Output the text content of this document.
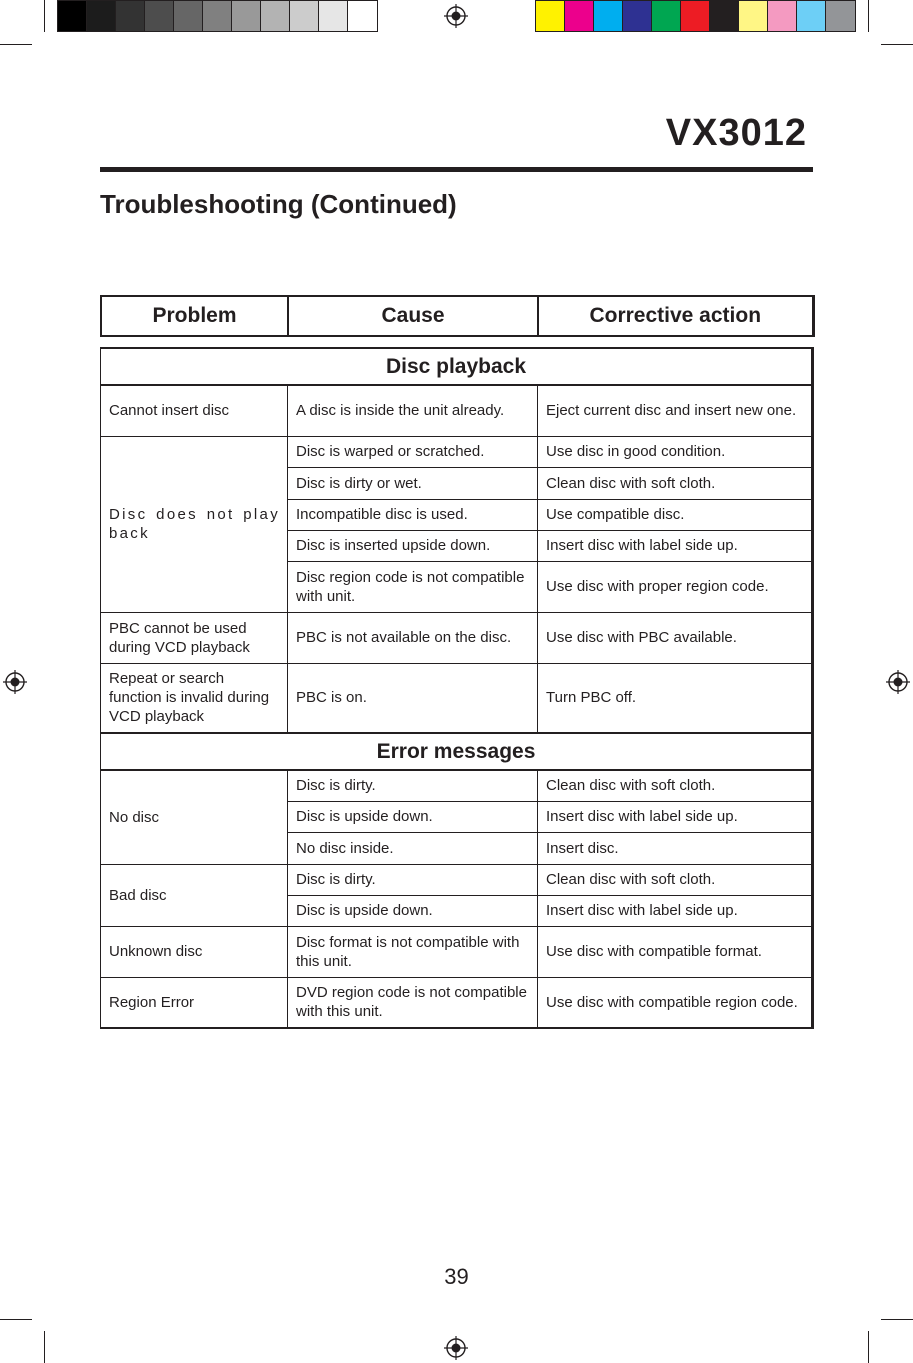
VX3012
Troubleshooting (Continued)
Problem	Cause	Corrective action
Disc playback		
Cannot insert disc	A disc is inside the unit already.	Eject current disc and insert new one.
Disc does not play back	Disc is warped or scratched.	Use disc in good condition.
	Disc is dirty or wet.	Clean disc with soft cloth.
	Incompatible disc is used.	Use compatible disc.
	Disc is inserted upside down.	Insert disc with label side up.
	Disc region code is not compatible with unit.	Use disc with proper region code.
PBC cannot be used during VCD playback	PBC is not available on the disc.	Use disc with PBC available.
Repeat or search function is invalid during VCD playback	PBC is on.	Turn PBC off.
Error messages		
No disc	Disc is dirty.	Clean disc with soft cloth.
	Disc is upside down.	Insert disc with label side up.
	No disc inside.	Insert disc.
Bad disc	Disc is dirty.	Clean disc with soft cloth.
	Disc is upside down.	Insert disc with label side up.
Unknown disc	Disc format is not compatible with this unit.	Use disc with compatible format.
Region Error	DVD region code is not compatible with this unit.	Use disc with compatible region code.
39
